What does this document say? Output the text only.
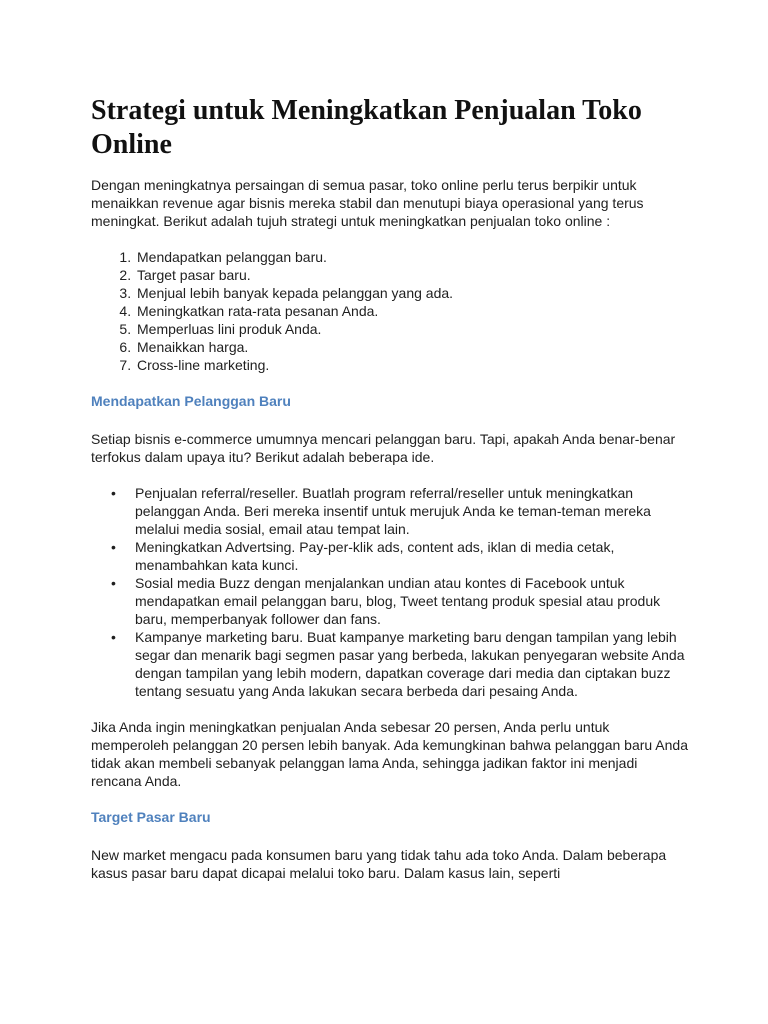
Strategi untuk Meningkatkan Penjualan Toko Online

Dengan meningkatnya persaingan di semua pasar, toko online perlu terus berpikir untuk menaikkan revenue agar bisnis mereka stabil dan menutupi biaya operasional yang terus meningkat. Berikut adalah tujuh strategi untuk meningkatkan penjualan toko online :

1. Mendapatkan pelanggan baru.
2. Target pasar baru.
3. Menjual lebih banyak kepada pelanggan yang ada.
4. Meningkatkan rata-rata pesanan Anda.
5. Memperluas lini produk Anda.
6. Menaikkan harga.
7. Cross-line marketing.
Mendapatkan Pelanggan Baru

Setiap bisnis e-commerce umumnya mencari pelanggan baru. Tapi, apakah Anda benar-benar terfokus dalam upaya itu? Berikut adalah beberapa ide.

• Penjualan referral/reseller. Buatlah program referral/reseller untuk meningkatkan pelanggan Anda. Beri mereka insentif untuk merujuk Anda ke teman-teman mereka melalui media sosial, email atau tempat lain.
• Meningkatkan Advertsing. Pay-per-klik ads, content ads, iklan di media cetak, menambahkan kata kunci.
• Sosial media Buzz dengan menjalankan undian atau kontes di Facebook untuk mendapatkan email pelanggan baru, blog, Tweet tentang produk spesial atau produk baru, memperbanyak follower dan fans.
• Kampanye marketing baru. Buat kampanye marketing baru dengan tampilan yang lebih segar dan menarik bagi segmen pasar yang berbeda, lakukan penyegaran website Anda dengan tampilan yang lebih modern, dapatkan coverage dari media dan ciptakan buzz tentang sesuatu yang Anda lakukan secara berbeda dari pesaing Anda.

Jika Anda ingin meningkatkan penjualan Anda sebesar 20 persen, Anda perlu untuk memperoleh pelanggan 20 persen lebih banyak. Ada kemungkinan bahwa pelanggan baru Anda tidak akan membeli sebanyak pelanggan lama Anda, sehingga jadikan faktor ini menjadi rencana Anda.

Target Pasar Baru

New market mengacu pada konsumen baru yang tidak tahu ada toko Anda. Dalam beberapa kasus pasar baru dapat dicapai melalui toko baru. Dalam kasus lain, seperti
